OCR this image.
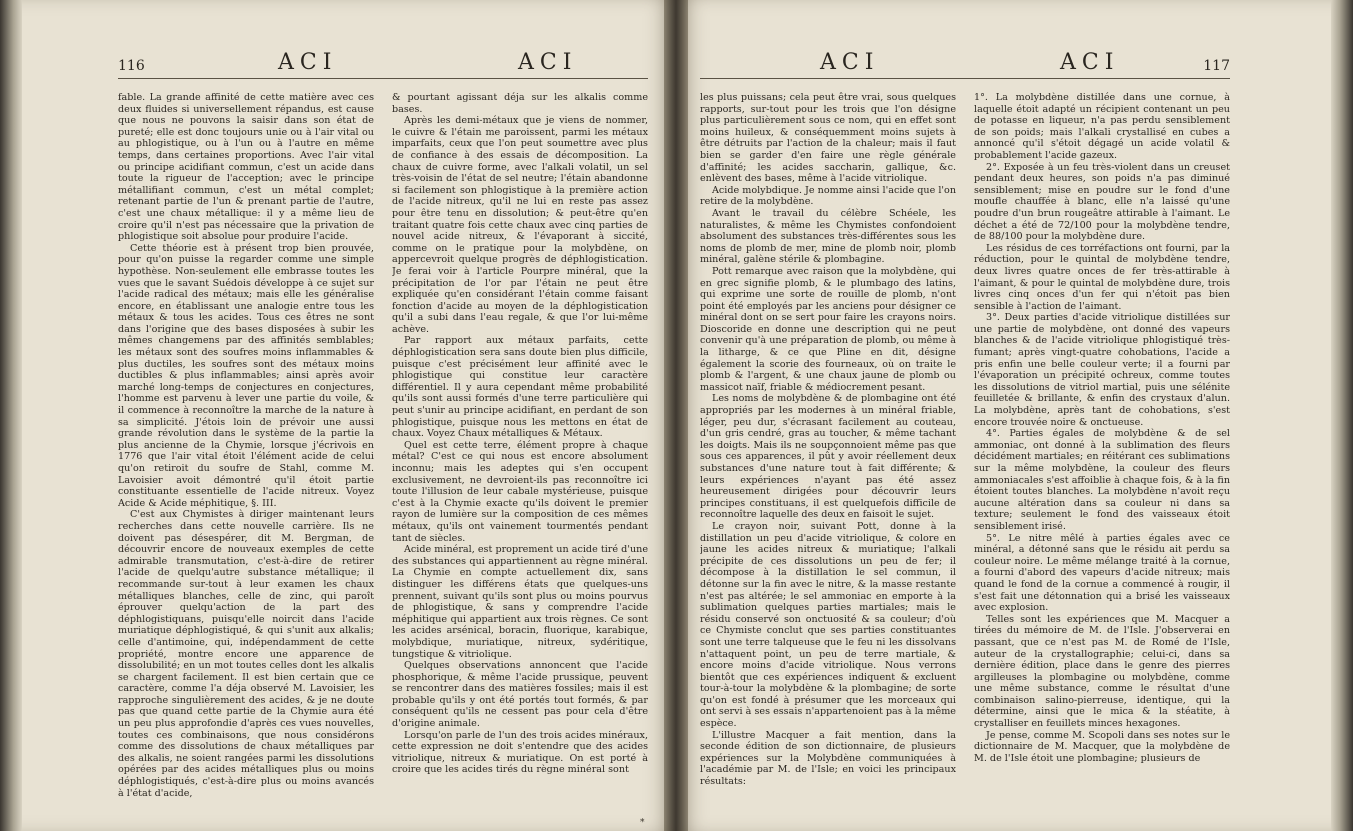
116	ACI	ACI

fable. La grande affinité de cette matière avec ces deux fluides si universellement répandus, est cause que nous ne pouvons la saisir dans son état de pureté; elle est donc toujours unie ou à l'air vital ou au phlogistique, ou à l'un ou à l'autre en même temps, dans certaines proportions. Avec l'air vital ou principe acidifiant commun, c'est un acide dans toute la rigueur de l'acception; avec le principe métallifiant commun, c'est un métal complet; retenant partie de l'un & prenant partie de l'autre, c'est une chaux métallique: il y a même lieu de croire qu'il n'est pas nécessaire que la privation de phlogistique soit absolue pour produire l'acide.

Cette théorie est à présent trop bien prouvée, pour qu'on puisse la regarder comme une simple hypothèse. Non-seulement elle embrasse toutes les vues que le savant Suédois développe à ce sujet sur l'acide radical des métaux; mais elle les généralise encore, en établissant une analogie entre tous les métaux & tous les acides. Tous ces êtres ne sont dans l'origine que des bases disposées à subir les mêmes changemens par des affinités semblables; les métaux sont des soufres moins inflammables & plus ductiles, les soufres sont des métaux moins ductibles & plus inflammables; ainsi après avoir marché long-temps de conjectures en conjectures, l'homme est parvenu à lever une partie du voile, & il commence à reconnoître la marche de la nature à sa simplicité. J'étois loin de prévoir une aussi grande révolution dans le système de la partie la plus ancienne de la Chymie, lorsque j'écrivois en 1776 que l'air vital étoit l'élément acide de celui qu'on retiroit du soufre de Stahl, comme M. Lavoisier avoit démontré qu'il étoit partie constituante essentielle de l'acide nitreux. Voyez Acide & Acide méphitique, §. III.

C'est aux Chymistes à diriger maintenant leurs recherches dans cette nouvelle carrière. Ils ne doivent pas désespérer, dit M. Bergman, de découvrir encore de nouveaux exemples de cette admirable transmutation, c'est-à-dire de retirer l'acide de quelqu'autre substance métallique; il recommande sur-tout à leur examen les chaux métalliques blanches, celle de zinc, qui paroît éprouver quelqu'action de la part des déphlogistiquans, puisqu'elle noircit dans l'acide muriatique déphlogistiqué, & qui s'unit aux alkalis; celle d'antimoine, qui, indépendamment de cette propriété, montre encore une apparence de dissolubilité; en un mot toutes celles dont les alkalis se chargent facilement. Il est bien certain que ce caractère, comme l'a déja observé M. Lavoisier, les rapproche singulièrement des acides, & je ne doute pas que quand cette partie de la Chymie aura été un peu plus approfondie d'après ces vues nouvelles, toutes ces combinaisons, que nous considérons comme des dissolutions de chaux métalliques par des alkalis, ne soient rangées parmi les dissolutions opérées par des acides métalliques plus ou moins déphlogistiqués, c'est-à-dire plus ou moins avancés à l'état d'acide,

& pourtant agissant déja sur les alkalis comme bases.

Après les demi-métaux que je viens de nommer, le cuivre & l'étain me paroissent, parmi les métaux imparfaits, ceux que l'on peut soumettre avec plus de confiance à des essais de décomposition. La chaux de cuivre forme, avec l'alkali volatil, un sel très-voisin de l'état de sel neutre; l'étain abandonne si facilement son phlogistique à la première action de l'acide nitreux, qu'il ne lui en reste pas assez pour être tenu en dissolution; & peut-être qu'en traitant quatre fois cette chaux avec cinq parties de nouvel acide nitreux, & l'évaporant à siccité, comme on le pratique pour la molybdène, on appercevroit quelque progrès de déphlogistication. Je ferai voir à l'article Pourpre minéral, que la précipitation de l'or par l'étain ne peut être expliquée qu'en considérant l'étain comme faisant fonction d'acide au moyen de la déphlogistication qu'il a subi dans l'eau regale, & que l'or lui-même achève.

Par rapport aux métaux parfaits, cette déphlogistication sera sans doute bien plus difficile, puisque c'est précisément leur affinité avec le phlogistique qui constitue leur caractère différentiel. Il y aura cependant même probabilité qu'ils sont aussi formés d'une terre particulière qui peut s'unir au principe acidifiant, en perdant de son phlogistique, puisque nous les mettons en état de chaux. Voyez Chaux métalliques & Métaux.

Quel est cette terre, élément propre à chaque métal? C'est ce qui nous est encore absolument inconnu; mais les adeptes qui s'en occupent exclusivement, ne devroient-ils pas reconnoître ici toute l'illusion de leur cabale mystérieuse, puisque c'est à la Chymie exacte qu'ils doivent le premier rayon de lumière sur la composition de ces mêmes métaux, qu'ils ont vainement tourmentés pendant tant de siècles.

Acide minéral, est proprement un acide tiré d'une des substances qui appartiennent au règne minéral. La Chymie en compte actuellement dix, sans distinguer les différens états que quelques-uns prennent, suivant qu'ils sont plus ou moins pourvus de phlogistique, & sans y comprendre l'acide méphitique qui appartient aux trois règnes. Ce sont les acides arsénical, boracin, fluorique, karabique, molybdique, muriatique, nitreux, sydéritique, tungstique & vitriolique.

Quelques observations annoncent que l'acide phosphorique, & même l'acide prussique, peuvent se rencontrer dans des matières fossiles; mais il est probable qu'ils y ont été portés tout formés, & par conséquent qu'ils ne cessent pas pour cela d'être d'origine animale.

Lorsqu'on parle de l'un des trois acides minéraux, cette expression ne doit s'entendre que des acides vitriolique, nitreux & muriatique. On est porté à croire que les acides tirés du règne minéral sont

ACI	ACI	117

les plus puissans; cela peut être vrai, sous quelques rapports, sur-tout pour les trois que l'on désigne plus particulièrement sous ce nom, qui en effet sont moins huileux, & conséquemment moins sujets à être détruits par l'action de la chaleur; mais il faut bien se garder d'en faire une règle générale d'affinité; les acides saccharin, gallique, &c. enlèvent des bases, même à l'acide vitriolique.

Acide molybdique. Je nomme ainsi l'acide que l'on retire de la molybdène.

Avant le travail du célèbre Schéele, les naturalistes, & même les Chymistes confondoient absolument des substances très-différentes sous les noms de plomb de mer, mine de plomb noir, plomb minéral, galène stérile & plombagine.

Pott remarque avec raison que la molybdène, qui en grec signifie plomb, & le plumbago des latins, qui exprime une sorte de rouille de plomb, n'ont point été employés par les anciens pour désigner ce minéral dont on se sert pour faire les crayons noirs. Dioscoride en donne une description qui ne peut convenir qu'à une préparation de plomb, ou même à la litharge, & ce que Pline en dit, désigne également la scorie des fourneaux, où on traite le plomb & l'argent, & une chaux jaune de plomb ou massicot naïf, friable & médiocrement pesant.

Les noms de molybdène & de plombagine ont été appropriés par les modernes à un minéral friable, léger, peu dur, s'écrasant facilement au couteau, d'un gris cendré, gras au toucher, & même tachant les doigts. Mais ils ne soupçonnoient même pas que sous ces apparences, il pût y avoir réellement deux substances d'une nature tout à fait différente; & leurs expériences n'ayant pas été assez heureusement dirigées pour découvrir leurs principes constituans, il est quelquefois difficile de reconnoître laquelle des deux en faisoit le sujet.

Le crayon noir, suivant Pott, donne à la distillation un peu d'acide vitriolique, & colore en jaune les acides nitreux & muriatique; l'alkali précipite de ces dissolutions un peu de fer; il décompose à la distillation le sel commun, il détonne sur la fin avec le nitre, & la masse restante n'est pas altérée; le sel ammoniac en emporte à la sublimation quelques parties martiales; mais le résidu conservé son onctuosité & sa couleur; d'où ce Chymiste conclut que ses parties constituantes sont une terre talqueuse que le feu ni les dissolvans n'attaquent point, un peu de terre martiale, & encore moins d'acide vitriolique. Nous verrons bientôt que ces expériences indiquent & excluent tour-à-tour la molybdène & la plombagine; de sorte qu'on est fondé à présumer que les morceaux qui ont servi à ses essais n'appartenoient pas à la même espèce.

L'illustre Macquer a fait mention, dans la seconde édition de son dictionnaire, de plusieurs expériences sur la Molybdène communiquées à l'académie par M. de l'Isle; en voici les principaux résultats:

1°. La molybdène distillée dans une cornue, à laquelle étoit adapté un récipient contenant un peu de potasse en liqueur, n'a pas perdu sensiblement de son poids; mais l'alkali crystallisé en cubes a annoncé qu'il s'étoit dégagé un acide volatil & probablement l'acide gazeux.

2°. Exposée à un feu très-violent dans un creuset pendant deux heures, son poids n'a pas diminué sensiblement; mise en poudre sur le fond d'une moufle chauffée à blanc, elle n'a laissé qu'une poudre d'un brun rougeâtre attirable à l'aimant. Le déchet a été de 72/100 pour la molybdène tendre, de 88/100 pour la molybdène dure.

Les résidus de ces torréfactions ont fourni, par la réduction, pour le quintal de molybdène tendre, deux livres quatre onces de fer très-attirable à l'aimant, & pour le quintal de molybdène dure, trois livres cinq onces d'un fer qui n'étoit pas bien sensible à l'action de l'aimant.

3°. Deux parties d'acide vitriolique distillées sur une partie de molybdène, ont donné des vapeurs blanches & de l'acide vitriolique phlogistiqué très-fumant; après vingt-quatre cohobations, l'acide a pris enfin une belle couleur verte; il a fourni par l'évaporation un précipité ochreux, comme toutes les dissolutions de vitriol martial, puis une sélénite feuilletée & brillante, & enfin des crystaux d'alun. La molybdène, après tant de cohobations, s'est encore trouvée noire & onctueuse.

4°. Parties égales de molybdène & de sel ammoniac, ont donné à la sublimation des fleurs décidément martiales; en réitérant ces sublimations sur la même molybdène, la couleur des fleurs ammoniacales s'est affoiblie à chaque fois, & à la fin étoient toutes blanches. La molybdène n'avoit reçu aucune altération dans sa couleur ni dans sa texture; seulement le fond des vaisseaux étoit sensiblement irisé.

5°. Le nitre mêlé à parties égales avec ce minéral, a détonné sans que le résidu ait perdu sa couleur noire. Le même mélange traité à la cornue, a fourni d'abord des vapeurs d'acide nitreux; mais quand le fond de la cornue a commencé à rougir, il s'est fait une détonnation qui a brisé les vaisseaux avec explosion.

Telles sont les expériences que M. Macquer a tirées du mémoire de M. de l'Isle. J'observerai en passant, que ce n'est pas M. de Romé de l'Isle, auteur de la crystallographie; celui-ci, dans sa dernière édition, place dans le genre des pierres argilleuses la plombagine ou molybdène, comme une même substance, comme le résultat d'une combinaison salino-pierreuse, identique, qui la détermine, ainsi que le mica & la stéatite, à crystalliser en feuillets minces hexagones.

Je pense, comme M. Scopoli dans ses notes sur le dictionnaire de M. Macquer, que la molybdène de M. de l'Isle étoit une plombagine; plusieurs de

*
